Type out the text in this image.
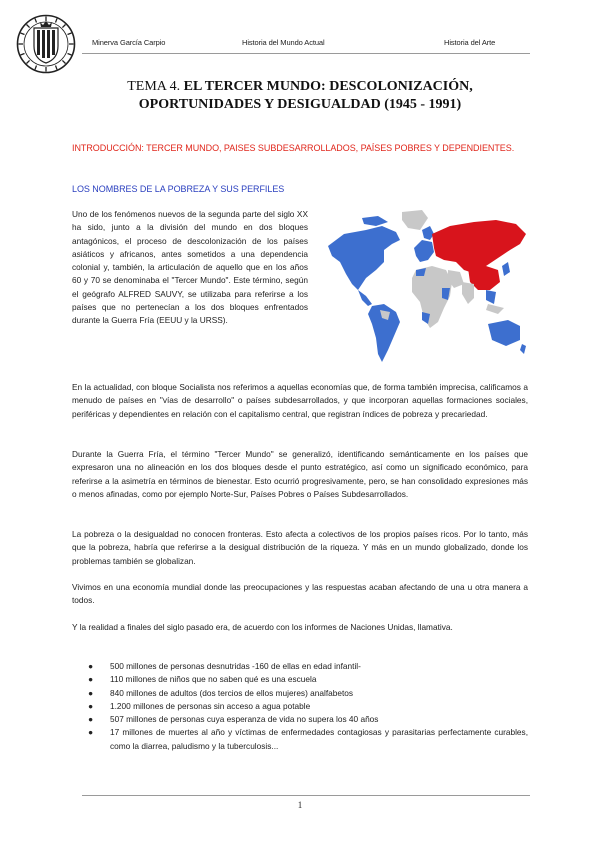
Minerva García Carpio	Historia del Mundo Actual	Historia del Arte
TEMA 4. EL TERCER MUNDO: DESCOLONIZACIÓN,
OPORTUNIDADES Y DESIGUALDAD (1945 - 1991)
INTRODUCCIÓN: TERCER MUNDO, PAISES SUBDESARROLLADOS, PAÍSES POBRES Y DEPENDIENTES.
LOS NOMBRES DE LA POBREZA Y SUS PERFILES
Uno de los fenómenos nuevos de la segunda parte del siglo XX ha sido, junto a la división del mundo en dos bloques antagónicos, el proceso de descolonización de los países asiáticos y africanos, antes sometidos a una dependencia colonial y, también, la articulación de aquello que en los años 60 y 70 se denominaba el "Tercer Mundo". Este término, según el geógrafo ALFRED SAUVY, se utilizaba para referirse a los países que no pertenecían a los dos bloques enfrentados durante la Guerra Fría (EEUU y la URSS).
En la actualidad, con bloque Socialista nos referimos a aquellas economías que, de forma también imprecisa, calificamos a menudo de países en "vías de desarrollo" o países subdesarrollados, y que incorporan aquellas formaciones sociales, periféricas y dependientes en relación con el capitalismo central, que registran índices de pobreza y precariedad.
Durante la Guerra Fría, el término "Tercer Mundo" se generalizó, identificando semánticamente en los países que expresaron una no alineación en los dos bloques desde el punto estratégico, así como un significado económico, para referirse a la asimetría en términos de bienestar. Esto ocurrió progresivamente, pero, se han consolidado expresiones más o menos afinadas, como por ejemplo Norte-Sur, Países Pobres o Países Subdesarrollados.
La pobreza o la desigualdad no conocen fronteras. Esto afecta a colectivos de los propios países ricos. Por lo tanto, más que la pobreza, habría que referirse a la desigual distribución de la riqueza. Y más en un mundo globalizado, donde los problemas también se globalizan.
Vivimos en una economía mundial donde las preocupaciones y las respuestas acaban afectando de una u otra manera a todos.
Y la realidad a finales del siglo pasado era, de acuerdo con los informes de Naciones Unidas, llamativa.
● 500 millones de personas desnutridas -160 de ellas en edad infantil-
● 110 millones de niños que no saben qué es una escuela
● 840 millones de adultos (dos tercios de ellos mujeres) analfabetos
● 1.200 millones de personas sin acceso a agua potable
● 507 millones de personas cuya esperanza de vida no supera los 40 años
● 17 millones de muertes al año y víctimas de enfermedades contagiosas y parasitarias perfectamente curables, como la diarrea, paludismo y la tuberculosis...
1
